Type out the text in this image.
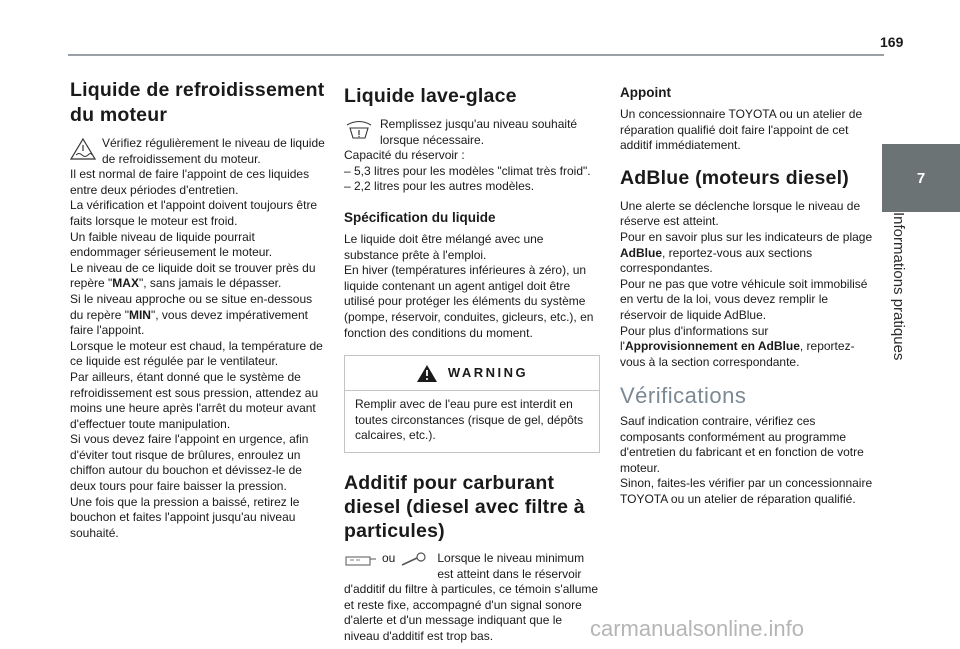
169
7
Informations pratiques
Liquide de refroidissement
du moteur

Vérifiez régulièrement le niveau de liquide de refroidissement du moteur.

Il est normal de faire l'appoint de ces liquides entre deux périodes d'entretien.

La vérification et l'appoint doivent toujours être faits lorsque le moteur est froid.

Un faible niveau de liquide pourrait endommager sérieusement le moteur.

Le niveau de ce liquide doit se trouver près du repère "MAX", sans jamais le dépasser.

Si le niveau approche ou se situe en-dessous du repère "MIN", vous devez impérativement faire l'appoint.

Lorsque le moteur est chaud, la température de ce liquide est régulée par le ventilateur.

Par ailleurs, étant donné que le système de refroidissement est sous pression, attendez au moins une heure après l'arrêt du moteur avant d'effectuer toute manipulation.

Si vous devez faire l'appoint en urgence, afin d'éviter tout risque de brûlures, enroulez un chiffon autour du bouchon et dévissez-le de deux tours pour faire baisser la pression.

Une fois que la pression a baissé, retirez le bouchon et faites l'appoint jusqu'au niveau souhaité.

Liquide lave-glace

Remplissez jusqu'au niveau souhaité lorsque nécessaire.

Capacité du réservoir :

– 5,3 litres pour les modèles "climat très froid".

– 2,2 litres pour les autres modèles.

Spécification du liquide

Le liquide doit être mélangé avec une substance prête à l'emploi.

En hiver (températures inférieures à zéro), un liquide contenant un agent antigel doit être utilisé pour protéger les éléments du système (pompe, réservoir, conduites, gicleurs, etc.), en fonction des conditions du moment.

WARNING
Remplir avec de l'eau pure est interdit en toutes circonstances (risque de gel, dépôts calcaires, etc.).
Additif pour carburant diesel (diesel avec filtre à particules)
ou	Lorsque le niveau minimum est atteint dans le réservoir

d'additif du filtre à particules, ce témoin s'allume et reste fixe, accompagné d'un signal sonore d'alerte et d'un message indiquant que le niveau d'additif est trop bas.

Appoint

Un concessionnaire TOYOTA ou un atelier de réparation qualifié doit faire l'appoint de cet additif immédiatement.

AdBlue (moteurs diesel)

Une alerte se déclenche lorsque le niveau de réserve est atteint.

Pour en savoir plus sur les indicateurs de plage AdBlue, reportez-vous aux sections correspondantes.

Pour ne pas que votre véhicule soit immobilisé en vertu de la loi, vous devez remplir le réservoir de liquide AdBlue.

Pour plus d'informations sur l'Approvisionnement en AdBlue, reportez-vous à la section correspondante.

Vérifications

Sauf indication contraire, vérifiez ces composants conformément au programme d'entretien du fabricant et en fonction de votre moteur.

Sinon, faites-les vérifier par un concessionnaire TOYOTA ou un atelier de réparation qualifié.

carmanualsonline.info
